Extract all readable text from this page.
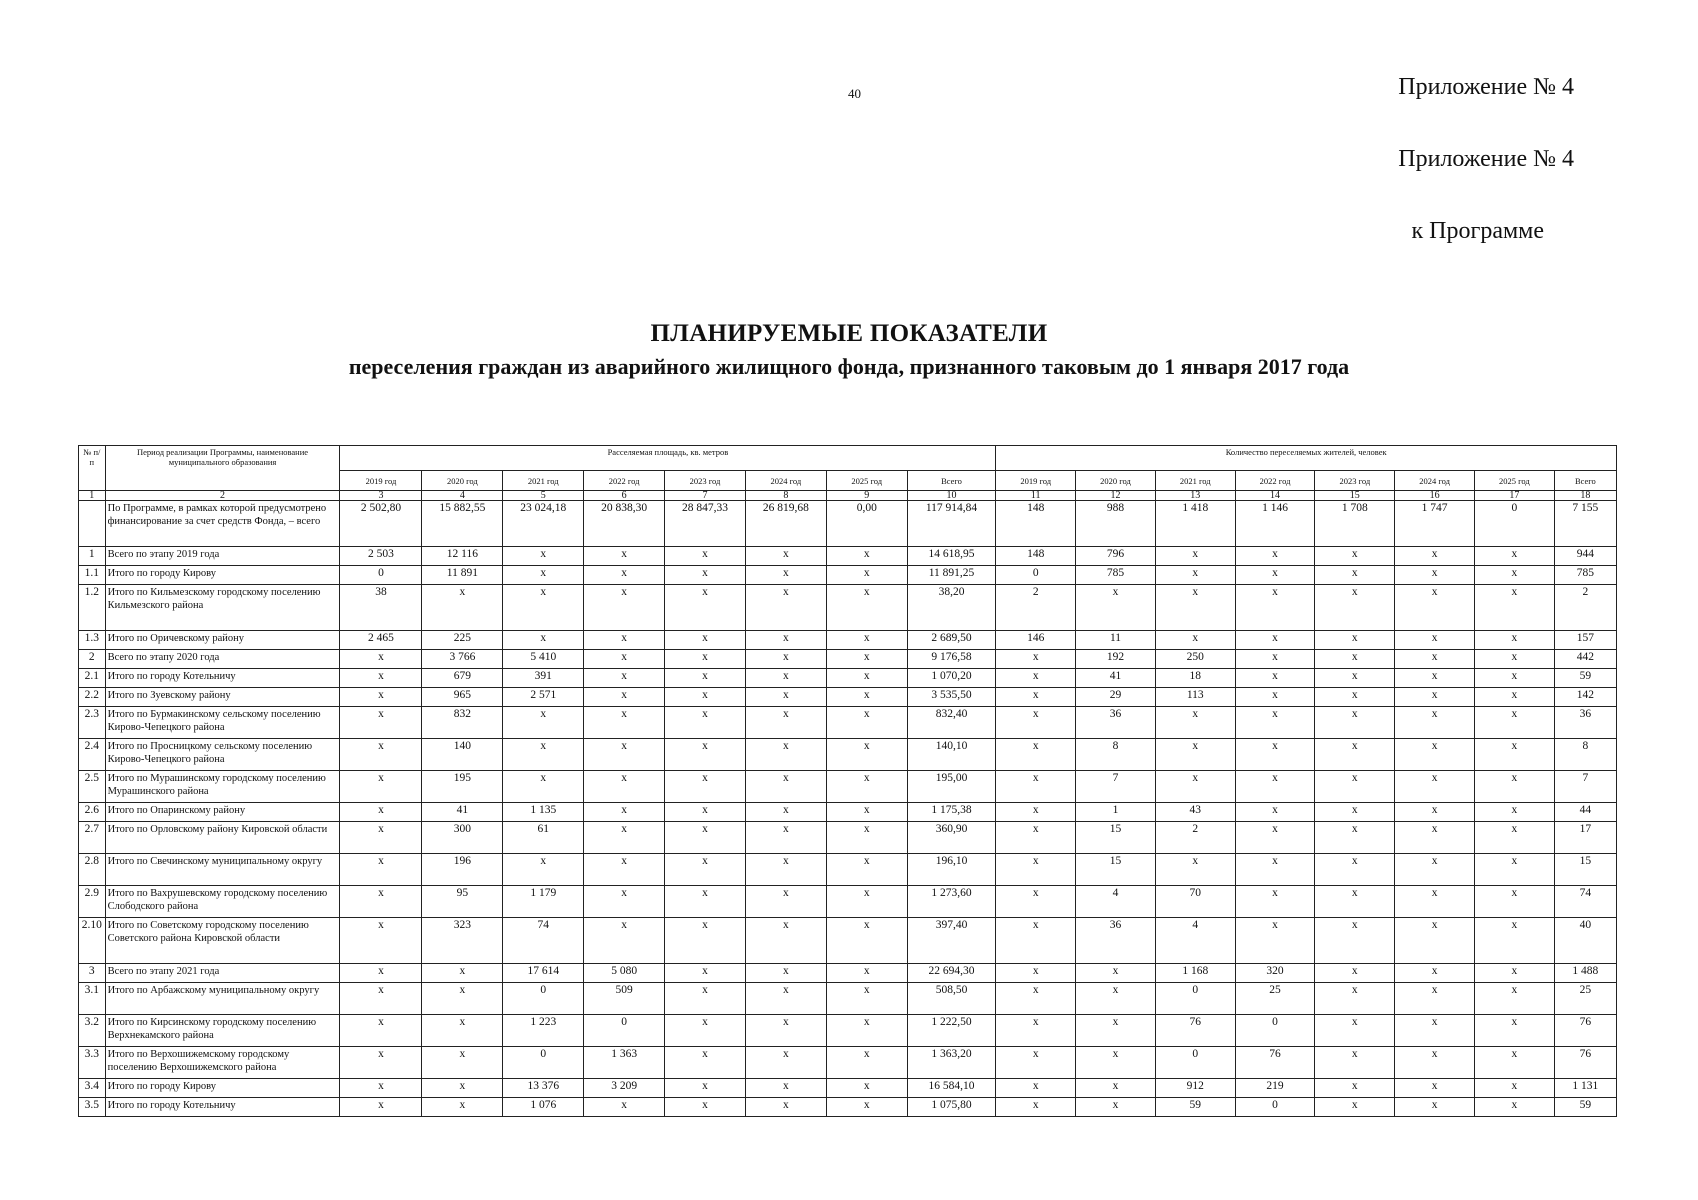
40	Приложение № 4
Приложение № 4
к Программе
ПЛАНИРУЕМЫЕ ПОКАЗАТЕЛИ
переселения граждан из аварийного жилищного фонда, признанного таковым до 1 января 2017 года
№ п/п	Период реализации Программы, наименование муниципального образования	Расселяемая площадь, кв. метров								Количество переселяемых жителей, человек							
		2019 год	2020 год	2021 год	2022 год	2023 год	2024 год	2025 год	Всего	2019 год	2020 год	2021 год	2022 год	2023 год	2024 год	2025 год	Всего
1	2	3	4	5	6	7	8	9	10	11	12	13	14	15	16	17	18
	По Программе, в рамках которой предусмотрено финансирование за счет средств Фонда, – всего	2 502,80	15 882,55	23 024,18	20 838,30	28 847,33	26 819,68	0,00	117 914,84	148	988	1 418	1 146	1 708	1 747	0	7 155
1	Всего по этапу 2019 года	2 503	12 116	х	х	х	х	х	14 618,95	148	796	х	х	х	х	х	944
1.1	Итого по городу Кирову	0	11 891	х	х	х	х	х	11 891,25	0	785	х	х	х	х	х	785
1.2	Итого по Кильмезскому городскому поселению Кильмезского района	38	х	х	х	х	х	х	38,20	2	х	х	х	х	х	х	2
1.3	Итого по Оричевскому району	2 465	225	х	х	х	х	х	2 689,50	146	11	х	х	х	х	х	157
2	Всего по этапу 2020 года	х	3 766	5 410	х	х	х	х	9 176,58	х	192	250	х	х	х	х	442
2.1	Итого по городу Котельничу	х	679	391	х	х	х	х	1 070,20	х	41	18	х	х	х	х	59
2.2	Итого по Зуевскому району	х	965	2 571	х	х	х	х	3 535,50	х	29	113	х	х	х	х	142
2.3	Итого по Бурмакинскому сельскому поселению Кирово-Чепецкого района	х	832	х	х	х	х	х	832,40	х	36	х	х	х	х	х	36
2.4	Итого по Просницкому сельскому поселению Кирово-Чепецкого района	х	140	х	х	х	х	х	140,10	х	8	х	х	х	х	х	8
2.5	Итого по Мурашинскому городскому поселению Мурашинского района	х	195	х	х	х	х	х	195,00	х	7	х	х	х	х	х	7
2.6	Итого по Опаринскому району	х	41	1 135	х	х	х	х	1 175,38	х	1	43	х	х	х	х	44
2.7	Итого по Орловскому району Кировской области	х	300	61	х	х	х	х	360,90	х	15	2	х	х	х	х	17
2.8	Итого по Свечинскому муниципальному округу	х	196	х	х	х	х	х	196,10	х	15	х	х	х	х	х	15
2.9	Итого по Вахрушевскому городскому поселению Слободского района	х	95	1 179	х	х	х	х	1 273,60	х	4	70	х	х	х	х	74
2.10	Итого по Советскому городскому поселению Советского района Кировской области	х	323	74	х	х	х	х	397,40	х	36	4	х	х	х	х	40
3	Всего по этапу 2021 года	х	х	17 614	5 080	х	х	х	22 694,30	х	х	1 168	320	х	х	х	1 488
3.1	Итого по Арбажскому муниципальному округу	х	х	0	509	х	х	х	508,50	х	х	0	25	х	х	х	25
3.2	Итого по Кирсинскому городскому поселению Верхнекамского района	х	х	1 223	0	х	х	х	1 222,50	х	х	76	0	х	х	х	76
3.3	Итого по Верхошижемскому городскому поселению Верхошижемского района	х	х	0	1 363	х	х	х	1 363,20	х	х	0	76	х	х	х	76
3.4	Итого по городу Кирову	х	х	13 376	3 209	х	х	х	16 584,10	х	х	912	219	х	х	х	1 131
3.5	Итого по городу Котельничу	х	х	1 076	х	х	х	х	1 075,80	х	х	59	0	х	х	х	59
